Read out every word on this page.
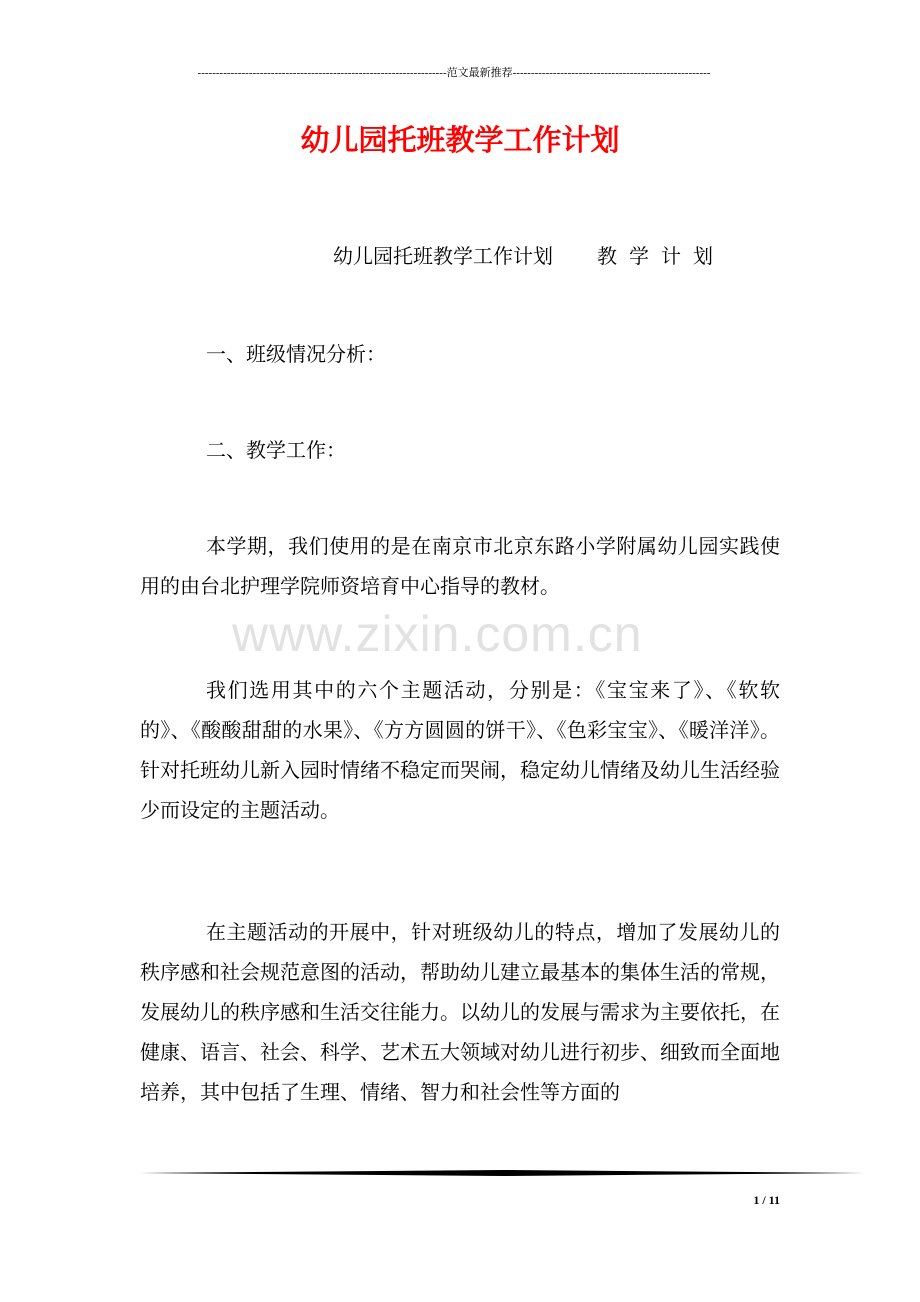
--------------------------------------------------------------------范文最新推荐------------------------------------------------------
幼儿园托班教学工作计划
幼儿园托班教学工作计划 教学计划
一、班级情况分析：
二、教学工作：
本学期，我们使用的是在南京市北京东路小学附属幼儿园实践使用的由台北护理学院师资培育中心指导的教材。
www.zixin.com.cn
我们选用其中的六个主题活动，分别是：《宝宝来了》、《软软的》、《酸酸甜甜的水果》、《方方圆圆的饼干》、《色彩宝宝》、《暖洋洋》。针对托班幼儿新入园时情绪不稳定而哭闹，稳定幼儿情绪及幼儿生活经验少而设定的主题活动。
在主题活动的开展中，针对班级幼儿的特点，增加了发展幼儿的秩序感和社会规范意图的活动，帮助幼儿建立最基本的集体生活的常规，发展幼儿的秩序感和生活交往能力。以幼儿的发展与需求为主要依托，在健康、语言、社会、科学、艺术五大领域对幼儿进行初步、细致而全面地培养，其中包括了生理、情绪、智力和社会性等方面的
1 / 11
